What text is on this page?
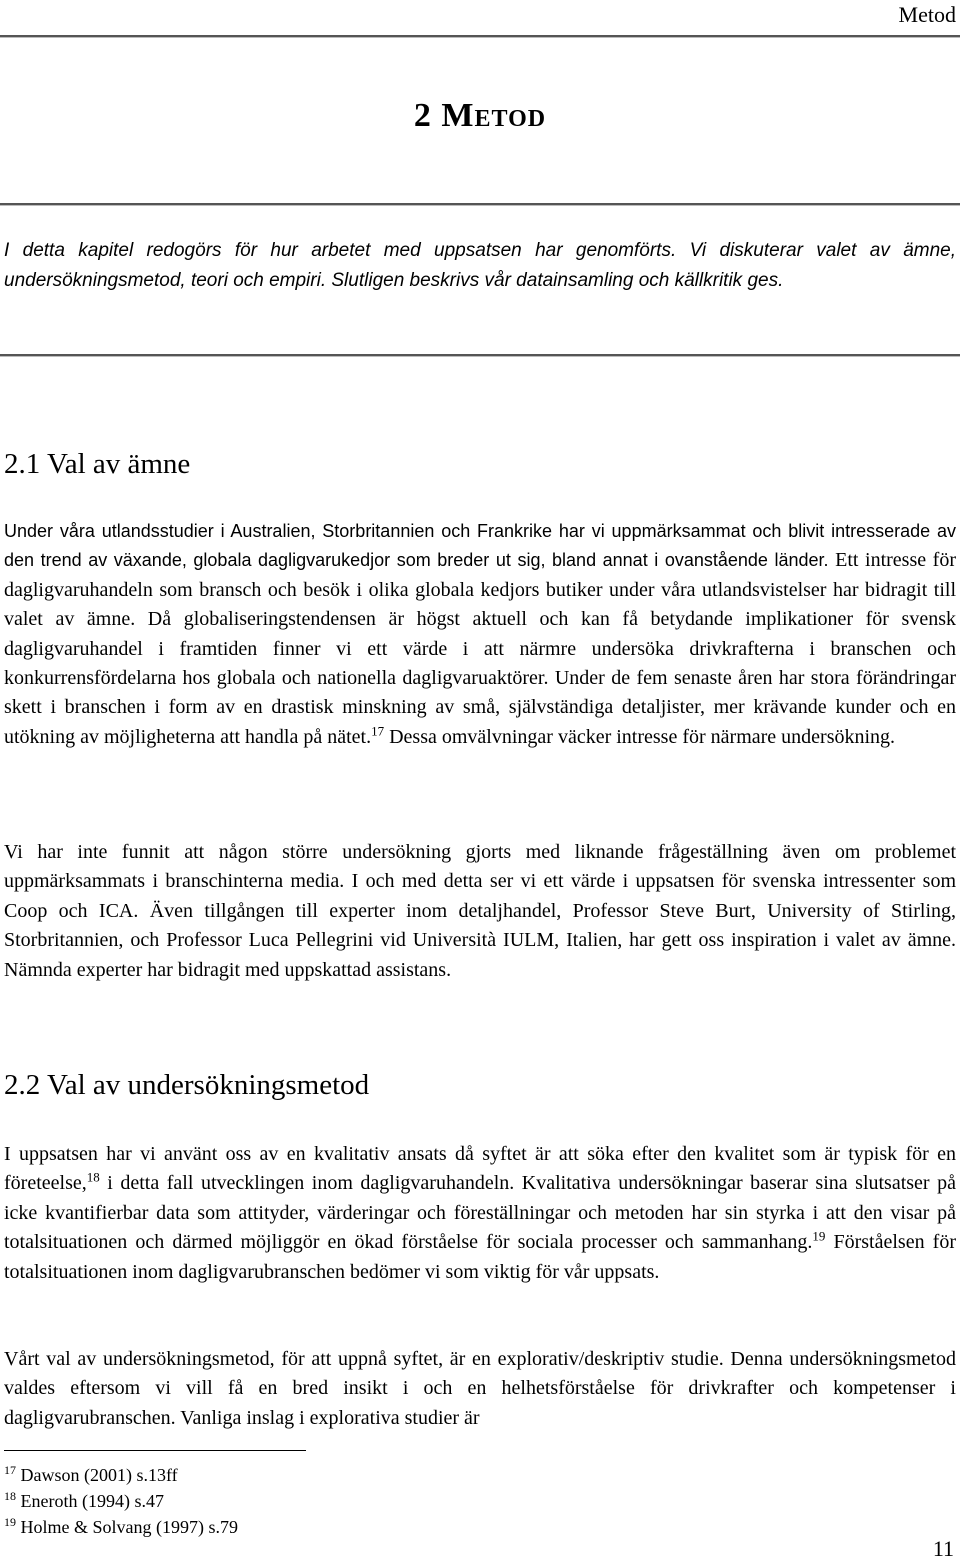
Metod
2 Metod

I detta kapitel redogörs för hur arbetet med uppsatsen har genomförts. Vi diskuterar valet av ämne, undersökningsmetod, teori och empiri. Slutligen beskrivs vår datainsamling och källkritik ges.

2.1 Val av ämne

Under våra utlandsstudier i Australien, Storbritannien och Frankrike har vi uppmärksammat och blivit intresserade av den trend av växande, globala dagligvarukedjor som breder ut sig, bland annat i ovanstående länder. Ett intresse för dagligvaruhandeln som bransch och besök i olika globala kedjors butiker under våra utlandsvistelser har bidragit till valet av ämne. Då globaliseringstendensen är högst aktuell och kan få betydande implikationer för svensk dagligvaruhandel i framtiden finner vi ett värde i att närmre undersöka drivkrafterna i branschen och konkurrensfördelarna hos globala och nationella dagligvaruaktörer. Under de fem senaste åren har stora förändringar skett i branschen i form av en drastisk minskning av små, självständiga detaljister, mer krävande kunder och en utökning av möjligheterna att handla på nätet.$^{17}$ Dessa omvälvningar väcker intresse för närmare undersökning.

Vi har inte funnit att någon större undersökning gjorts med liknande frågeställning även om problemet uppmärksammats i branschinterna media. I och med detta ser vi ett värde i uppsatsen för svenska intressenter som Coop och ICA. Även tillgången till experter inom detaljhandel, Professor Steve Burt, University of Stirling, Storbritannien, och Professor Luca Pellegrini vid Università IULM, Italien, har gett oss inspiration i valet av ämne. Nämnda experter har bidragit med uppskattad assistans.

2.2 Val av undersökningsmetod

I uppsatsen har vi använt oss av en kvalitativ ansats då syftet är att söka efter den kvalitet som är typisk för en företeelse,$^{18}$ i detta fall utvecklingen inom dagligvaruhandeln. Kvalitativa undersökningar baserar sina slutsatser på icke kvantifierbar data som attityder, värderingar och föreställningar och metoden har sin styrka i att den visar på totalsituationen och därmed möjliggör en ökad förståelse för sociala processer och sammanhang.$^{19}$ Förståelsen för totalsituationen inom dagligvarubranschen bedömer vi som viktig för vår uppsats.

Vårt val av undersökningsmetod, för att uppnå syftet, är en explorativ/deskriptiv studie. Denna undersökningsmetod valdes eftersom vi vill få en bred insikt i och en helhetsförståelse för drivkrafter och kompetenser i dagligvarubranschen. Vanliga inslag i explorativa studier är

$^{17}$ Dawson (2001) s.13ff
$^{18}$ Eneroth (1994) s.47
$^{19}$ Holme & Solvang (1997) s.79
11
